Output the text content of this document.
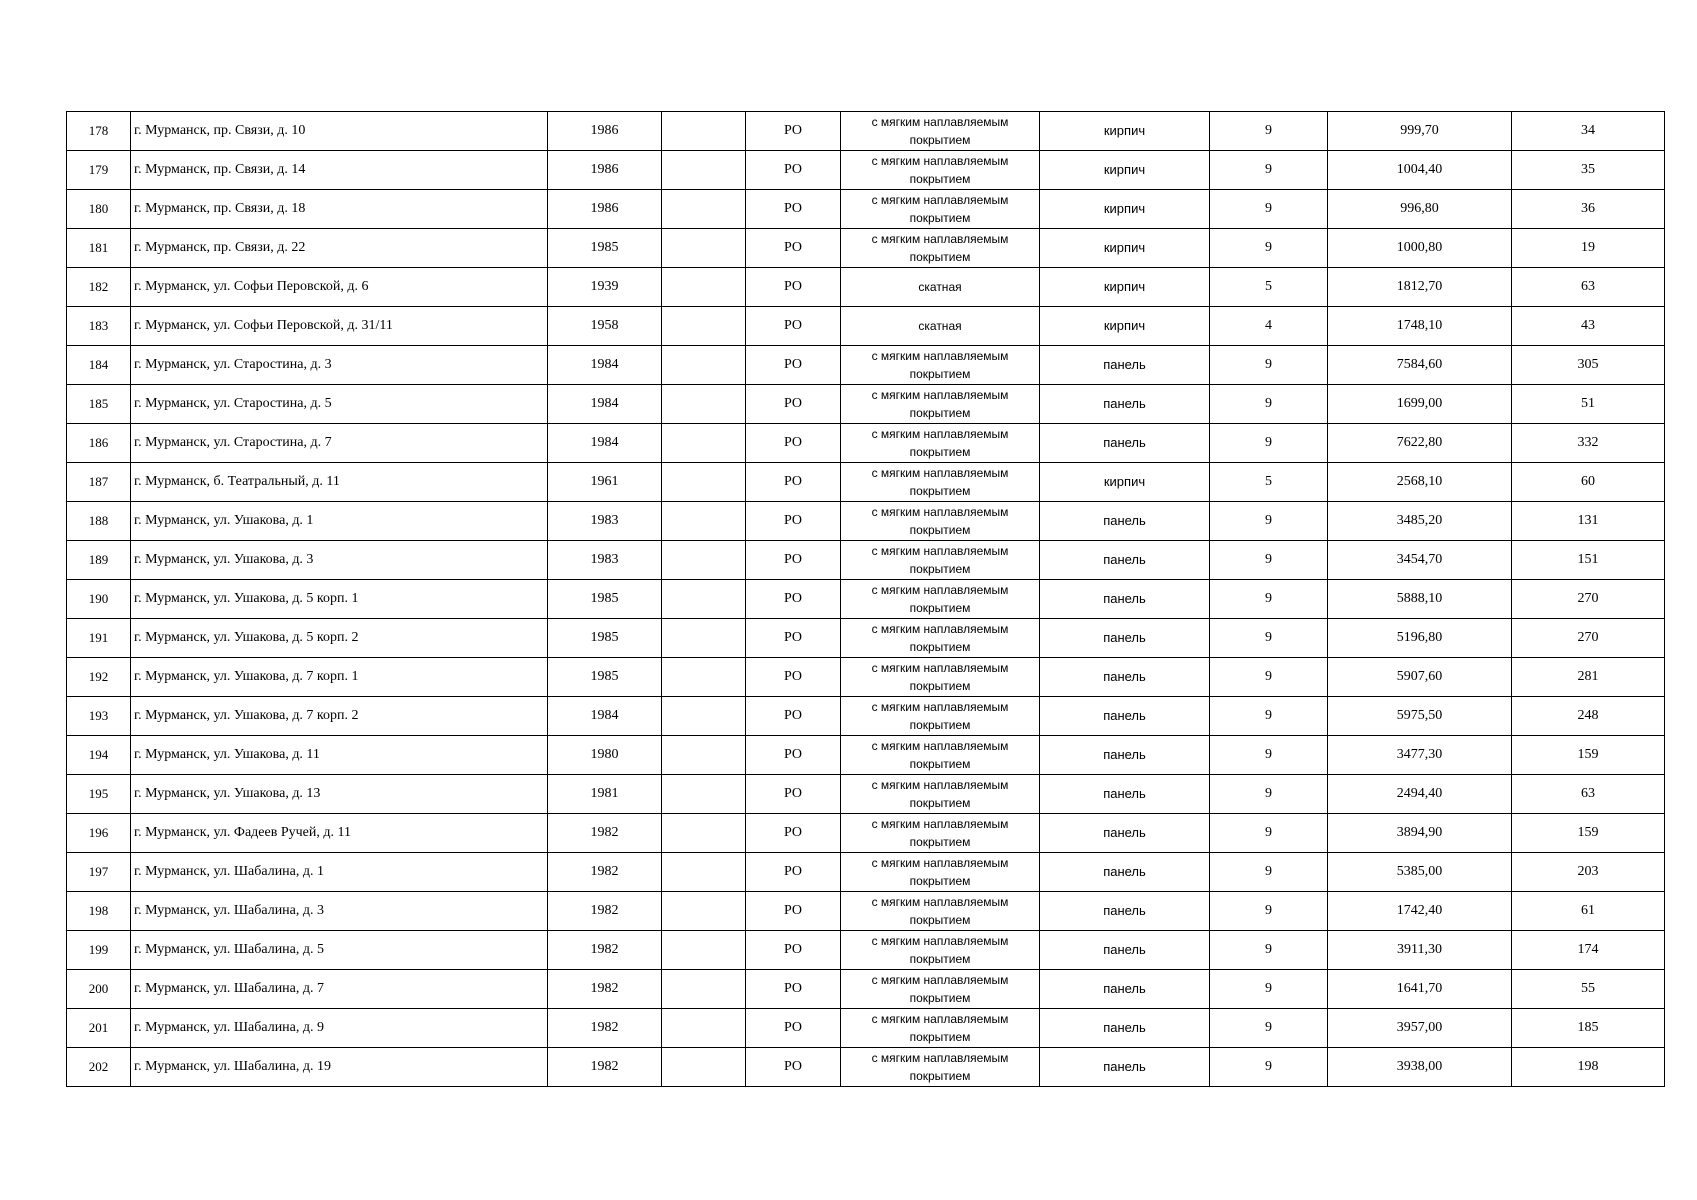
178	г. Мурманск, пр. Связи, д. 10	1986		РО	с мягким наплавляемым покрытием	кирпич	9	999,70	34
179	г. Мурманск, пр. Связи, д. 14	1986		РО	с мягким наплавляемым покрытием	кирпич	9	1004,40	35
180	г. Мурманск, пр. Связи, д. 18	1986		РО	с мягким наплавляемым покрытием	кирпич	9	996,80	36
181	г. Мурманск, пр. Связи, д. 22	1985		РО	с мягким наплавляемым покрытием	кирпич	9	1000,80	19
182	г. Мурманск, ул. Софьи Перовской, д. 6	1939		РО	скатная	кирпич	5	1812,70	63
183	г. Мурманск, ул. Софьи Перовской, д. 31/11	1958		РО	скатная	кирпич	4	1748,10	43
184	г. Мурманск, ул. Старостина, д. 3	1984		РО	с мягким наплавляемым покрытием	панель	9	7584,60	305
185	г. Мурманск, ул. Старостина, д. 5	1984		РО	с мягким наплавляемым покрытием	панель	9	1699,00	51
186	г. Мурманск, ул. Старостина, д. 7	1984		РО	с мягким наплавляемым покрытием	панель	9	7622,80	332
187	г. Мурманск, б. Театральный, д. 11	1961		РО	с мягким наплавляемым покрытием	кирпич	5	2568,10	60
188	г. Мурманск, ул. Ушакова, д. 1	1983		РО	с мягким наплавляемым покрытием	панель	9	3485,20	131
189	г. Мурманск, ул. Ушакова, д. 3	1983		РО	с мягким наплавляемым покрытием	панель	9	3454,70	151
190	г. Мурманск, ул. Ушакова, д. 5 корп. 1	1985		РО	с мягким наплавляемым покрытием	панель	9	5888,10	270
191	г. Мурманск, ул. Ушакова, д. 5 корп. 2	1985		РО	с мягким наплавляемым покрытием	панель	9	5196,80	270
192	г. Мурманск, ул. Ушакова, д. 7 корп. 1	1985		РО	с мягким наплавляемым покрытием	панель	9	5907,60	281
193	г. Мурманск, ул. Ушакова, д. 7 корп. 2	1984		РО	с мягким наплавляемым покрытием	панель	9	5975,50	248
194	г. Мурманск, ул. Ушакова, д. 11	1980		РО	с мягким наплавляемым покрытием	панель	9	3477,30	159
195	г. Мурманск, ул. Ушакова, д. 13	1981		РО	с мягким наплавляемым покрытием	панель	9	2494,40	63
196	г. Мурманск, ул. Фадеев Ручей, д. 11	1982		РО	с мягким наплавляемым покрытием	панель	9	3894,90	159
197	г. Мурманск, ул. Шабалина, д. 1	1982		РО	с мягким наплавляемым покрытием	панель	9	5385,00	203
198	г. Мурманск, ул. Шабалина, д. 3	1982		РО	с мягким наплавляемым покрытием	панель	9	1742,40	61
199	г. Мурманск, ул. Шабалина, д. 5	1982		РО	с мягким наплавляемым покрытием	панель	9	3911,30	174
200	г. Мурманск, ул. Шабалина, д. 7	1982		РО	с мягким наплавляемым покрытием	панель	9	1641,70	55
201	г. Мурманск, ул. Шабалина, д. 9	1982		РО	с мягким наплавляемым покрытием	панель	9	3957,00	185
202	г. Мурманск, ул. Шабалина, д. 19	1982		РО	с мягким наплавляемым покрытием	панель	9	3938,00	198
